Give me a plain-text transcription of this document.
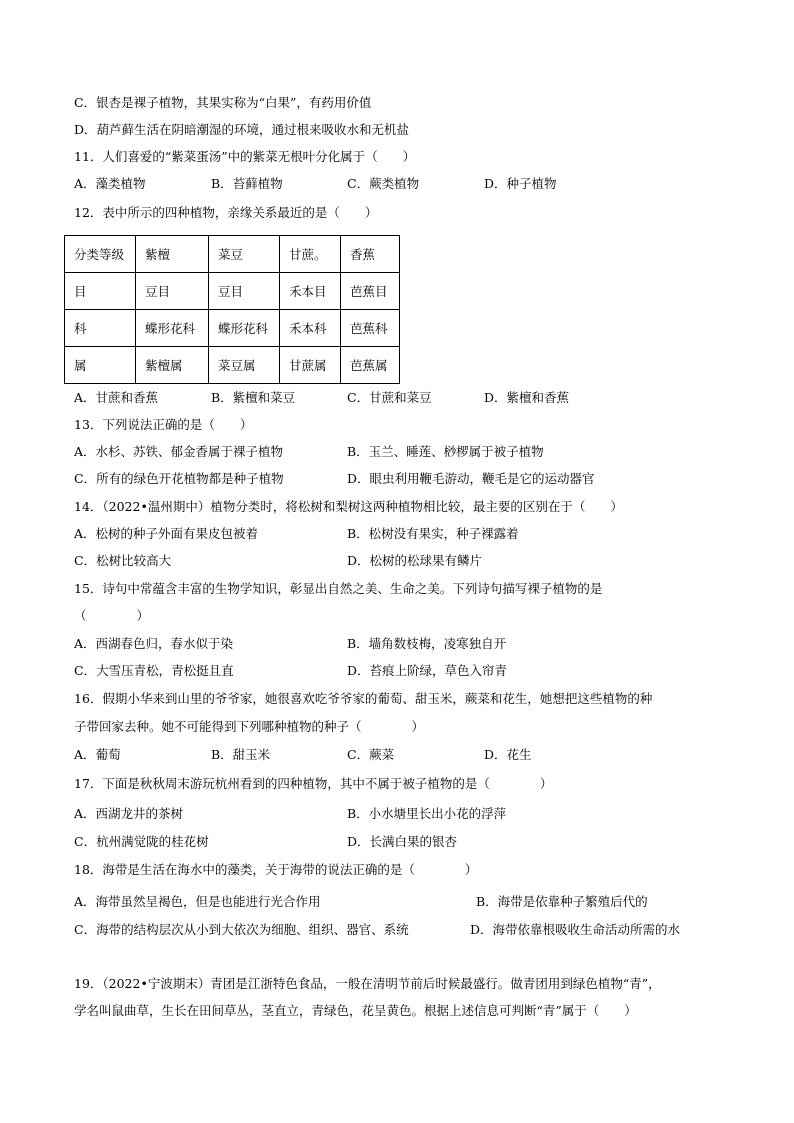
C．银杏是裸子植物，其果实称为“白果”，有药用价值
D．葫芦藓生活在阴暗潮湿的环境，通过根来吸收水和无机盐
11．人们喜爱的“紫菜蛋汤”中的紫菜无根叶分化属于（　　）
A．藻类植物	B．苔藓植物	C．蕨类植物	D．种子植物
12．表中所示的四种植物，亲缘关系最近的是（　　）
分类等级	紫檀	菜豆	甘蔗。	香蕉
目	豆目	豆目	禾本目	芭蕉目
科	蝶形花科	蝶形花科	禾本科	芭蕉科
属	紫檀属	菜豆属	甘蔗属	芭蕉属
A．甘蔗和香蕉	B．紫檀和菜豆	C．甘蔗和菜豆	D．紫檀和香蕉
13．下列说法正确的是（　　）
A．水杉、苏铁、郁金香属于裸子植物	B．玉兰、睡莲、桫椤属于被子植物
C．所有的绿色开花植物都是种子植物	D．眼虫利用鞭毛游动，鞭毛是它的运动器官
14．（2022•温州期中）植物分类时，将松树和梨树这两种植物相比较，最主要的区别在于（　　）
A．松树的种子外面有果皮包被着	B．松树没有果实，种子裸露着
C．松树比较高大	D．松树的松球果有鳞片
15．诗句中常蕴含丰富的生物学知识，彰显出自然之美、生命之美。下列诗句描写裸子植物的是
（　　　　）
A．西湖春色归，春水似于染	B．墙角数枝梅，凌寒独自开
C．大雪压青松，青松挺且直	D．苔痕上阶绿，草色入帘青
16．假期小华来到山里的爷爷家，她很喜欢吃爷爷家的葡萄、甜玉米，蕨菜和花生，她想把这些植物的种
子带回家去种。她不可能得到下列哪种植物的种子（　　　　）
A．葡萄	B．甜玉米	C．蕨菜	D．花生
17．下面是秋秋周末游玩杭州看到的四种植物，其中不属于被子植物的是（　　　　）
A．西湖龙井的茶树	B．小水塘里长出小花的浮萍
C．杭州满觉陇的桂花树	D．长满白果的银杏
18．海带是生活在海水中的藻类，关于海带的说法正确的是（　　　　）
A．海带虽然呈褐色，但是也能进行光合作用	B．海带是依靠种子繁殖后代的
C．海带的结构层次从小到大依次为细胞、组织、器官、系统	D．海带依靠根吸收生命活动所需的水
19．（2022•宁波期末）青团是江浙特色食品，一般在清明节前后时候最盛行。做青团用到绿色植物“青”，
学名叫鼠曲草，生长在田间草丛，茎直立，青绿色，花呈黄色。根据上述信息可判断“青”属于（　　）
